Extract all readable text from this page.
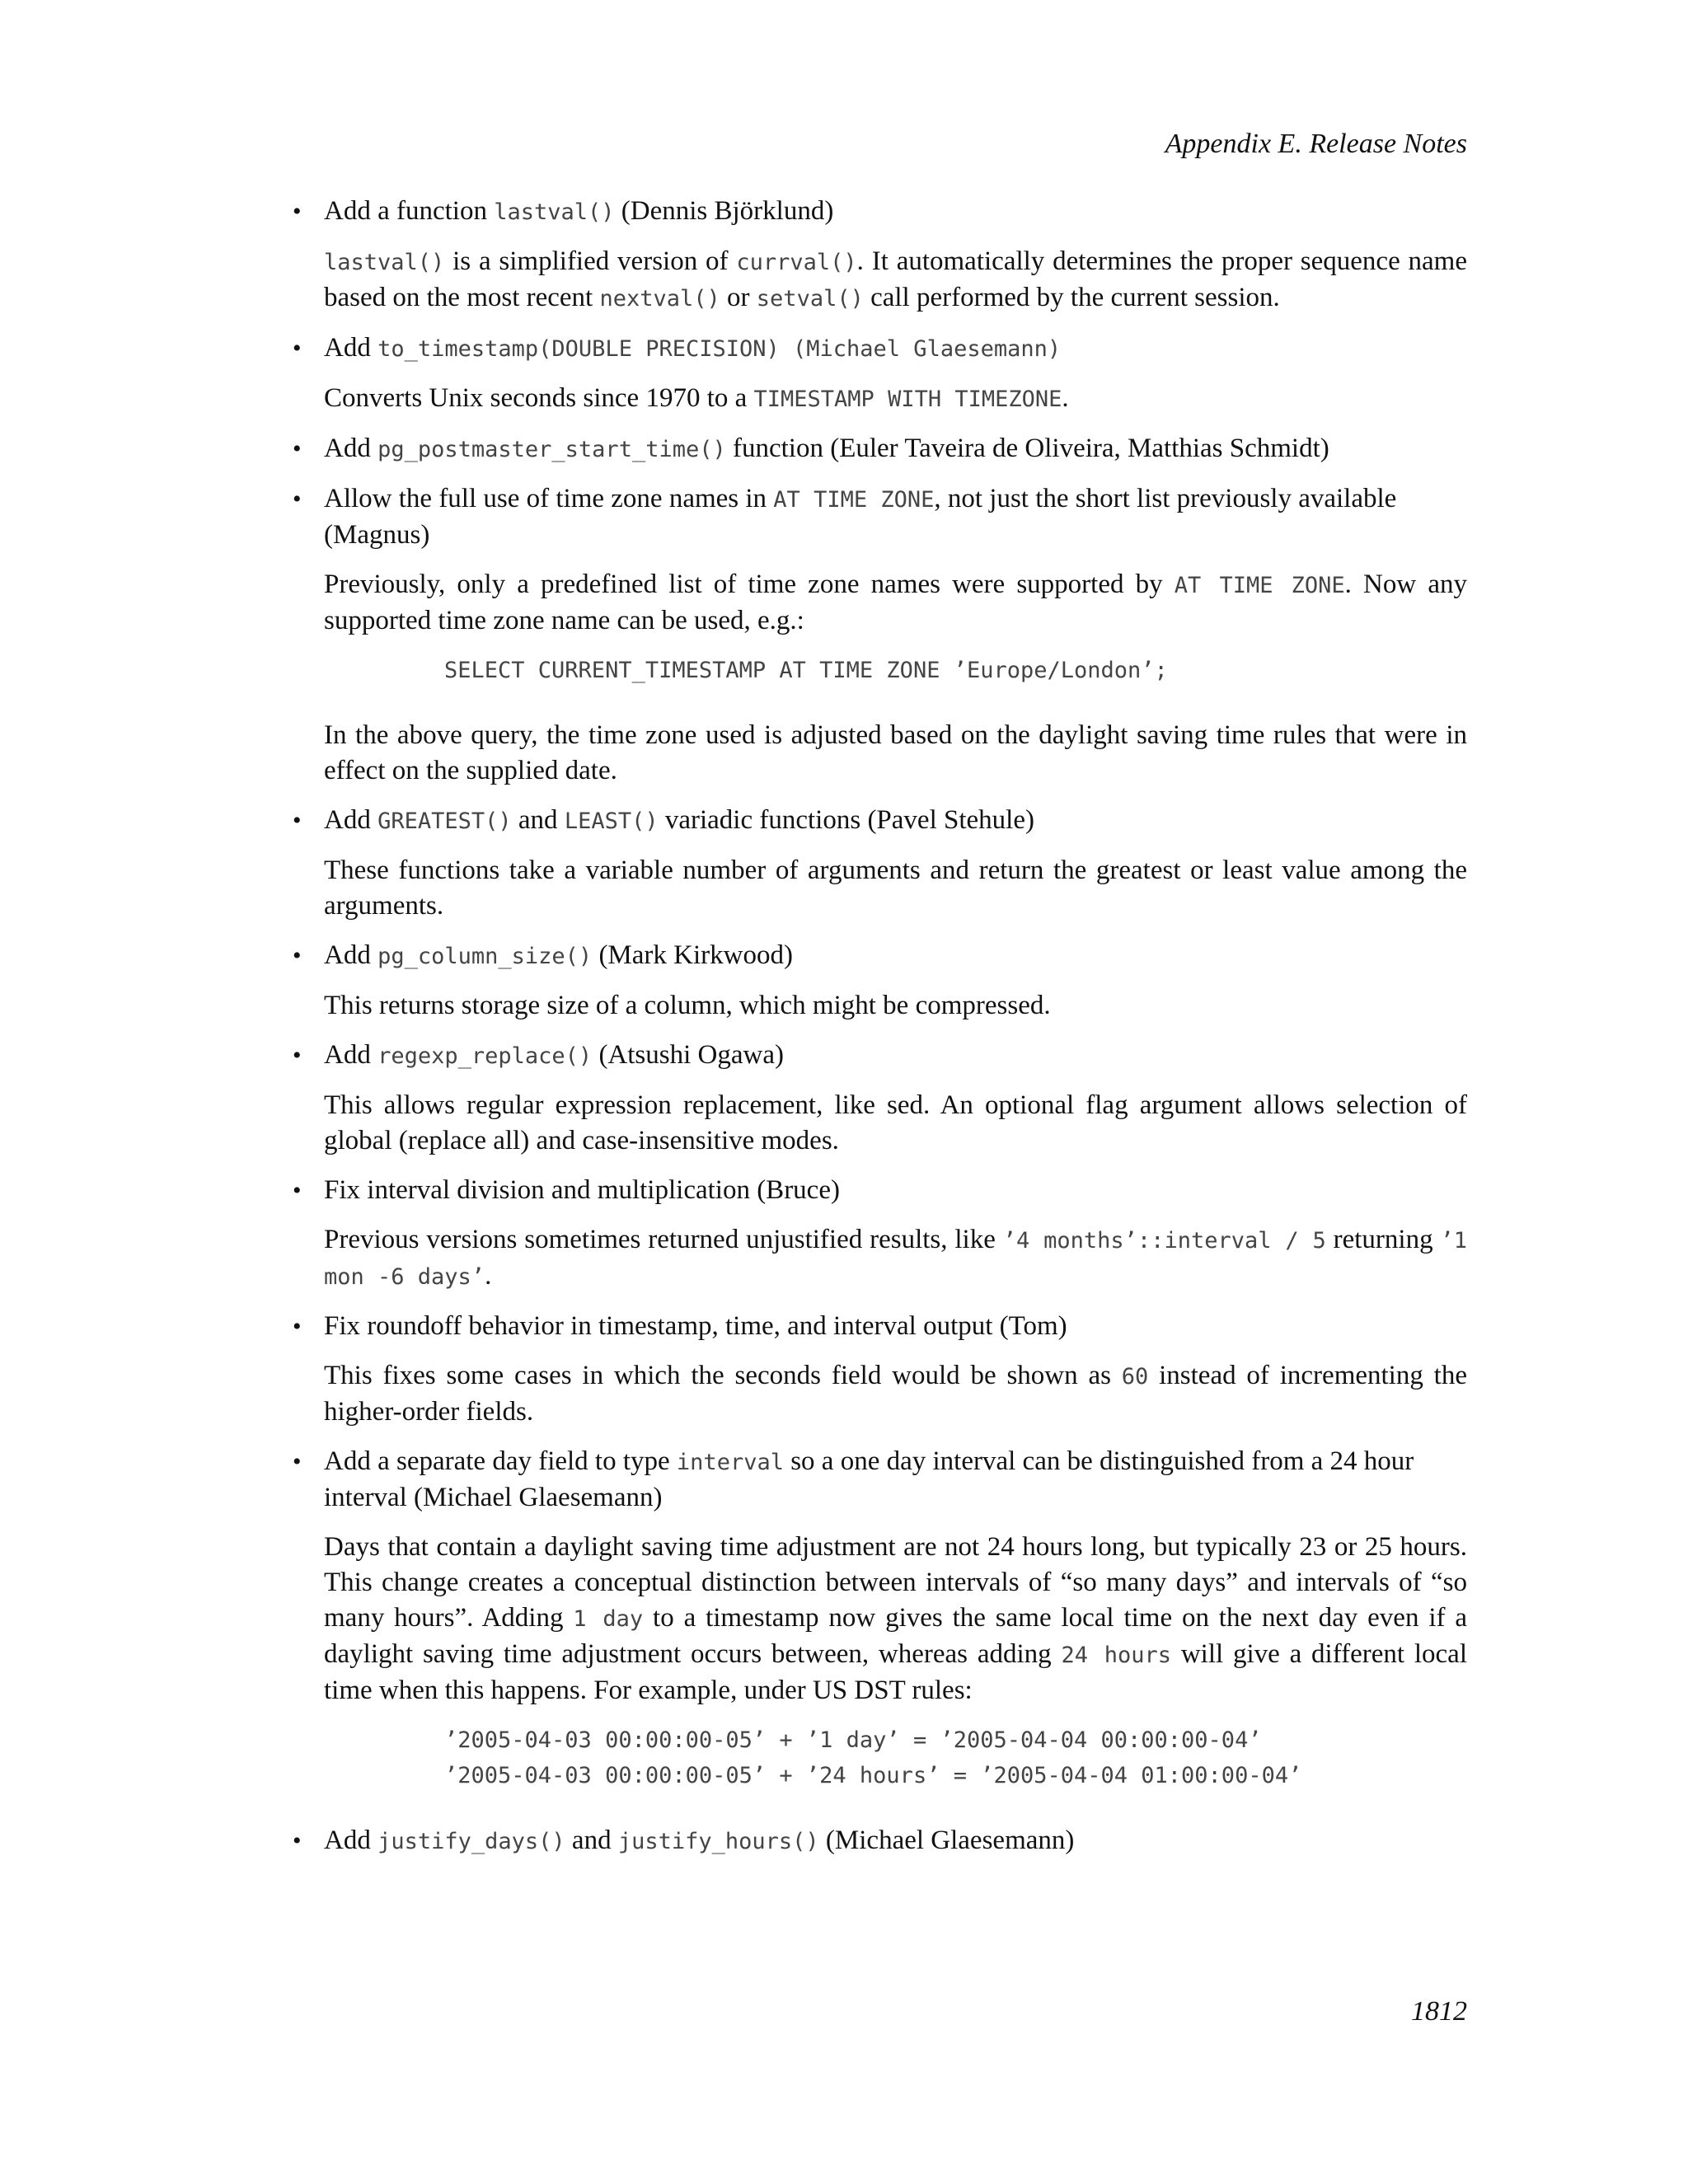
Appendix E. Release Notes
• Add a function lastval() (Dennis Björklund)

lastval() is a simplified version of currval(). It automatically determines the proper sequence name based on the most recent nextval() or setval() call performed by the current session.

• Add to_timestamp(DOUBLE PRECISION) (Michael Glaesemann)

Converts Unix seconds since 1970 to a TIMESTAMP WITH TIMEZONE.

• Add pg_postmaster_start_time() function (Euler Taveira de Oliveira, Matthias Schmidt)

• Allow the full use of time zone names in AT TIME ZONE, not just the short list previously available (Magnus)

Previously, only a predefined list of time zone names were supported by AT TIME ZONE. Now any supported time zone name can be used, e.g.:

SELECT CURRENT_TIMESTAMP AT TIME ZONE ’Europe/London’;

In the above query, the time zone used is adjusted based on the daylight saving time rules that were in effect on the supplied date.

• Add GREATEST() and LEAST() variadic functions (Pavel Stehule)

These functions take a variable number of arguments and return the greatest or least value among the arguments.

• Add pg_column_size() (Mark Kirkwood)

This returns storage size of a column, which might be compressed.

• Add regexp_replace() (Atsushi Ogawa)

This allows regular expression replacement, like sed. An optional flag argument allows selection of global (replace all) and case-insensitive modes.

• Fix interval division and multiplication (Bruce)

Previous versions sometimes returned unjustified results, like ’4 months’::interval / 5 returning ’1 mon -6 days’.

• Fix roundoff behavior in timestamp, time, and interval output (Tom)

This fixes some cases in which the seconds field would be shown as 60 instead of incrementing the higher-order fields.

• Add a separate day field to type interval so a one day interval can be distinguished from a 24 hour interval (Michael Glaesemann)

Days that contain a daylight saving time adjustment are not 24 hours long, but typically 23 or 25 hours. This change creates a conceptual distinction between intervals of “so many days” and intervals of “so many hours”. Adding 1 day to a timestamp now gives the same local time on the next day even if a daylight saving time adjustment occurs between, whereas adding 24 hours will give a different local time when this happens. For example, under US DST rules:

’2005-04-03 00:00:00-05’ + ’1 day’ = ’2005-04-04 00:00:00-04’
’2005-04-03 00:00:00-05’ + ’24 hours’ = ’2005-04-04 01:00:00-04’
• Add justify_days() and justify_hours() (Michael Glaesemann)

1812
